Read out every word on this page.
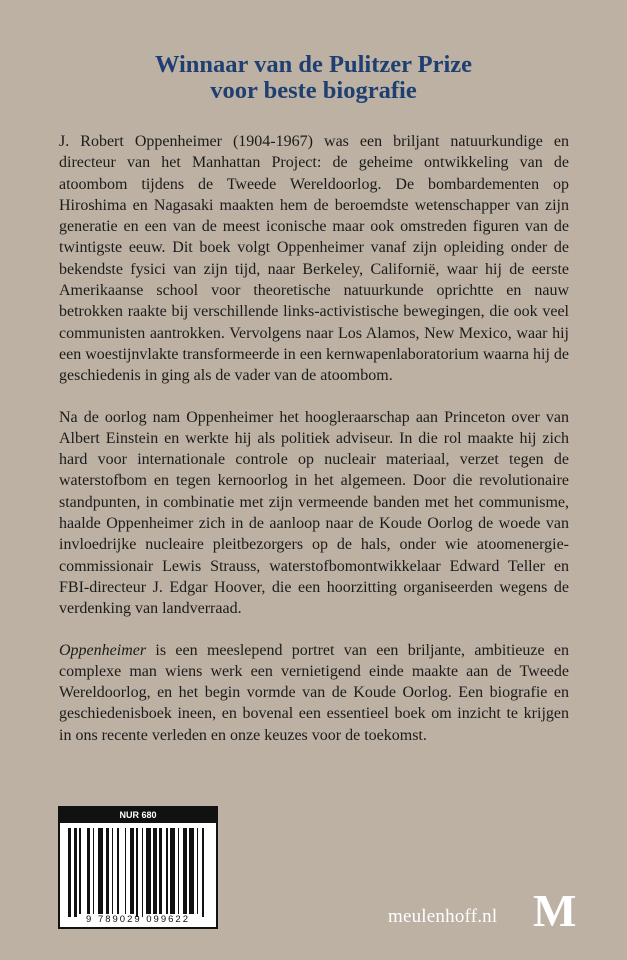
Winnaar van de Pulitzer Prize
voor beste biografie

J. Robert Oppenheimer (1904-1967) was een briljant natuurkundige en directeur van het Manhattan Project: de geheime ontwikkeling van de atoombom tijdens de Tweede Wereldoorlog. De bombardementen op Hiroshima en Nagasaki maakten hem de beroemdste wetenschapper van zijn generatie en een van de meest iconische maar ook omstreden figuren van de twintigste eeuw. Dit boek volgt Oppenheimer vanaf zijn opleiding onder de bekendste fysici van zijn tijd, naar Berkeley, Californië, waar hij de eerste Amerikaanse school voor theoretische natuurkunde oprichtte en nauw betrokken raakte bij verschillende links-activistische bewegingen, die ook veel communisten aantrokken. Vervolgens naar Los Alamos, New Mexico, waar hij een woestijnvlakte transformeerde in een kernwapenlaboratorium waarna hij de geschiedenis in ging als de vader van de atoombom.

Na de oorlog nam Oppenheimer het hoogleraarschap aan Princeton over van Albert Einstein en werkte hij als politiek adviseur. In die rol maakte hij zich hard voor internationale controle op nucleair materiaal, verzet tegen de waterstofbom en tegen kernoorlog in het algemeen. Door die revolutionaire standpunten, in combinatie met zijn vermeende banden met het communisme, haalde Oppenheimer zich in de aanloop naar de Koude Oorlog de woede van invloedrijke nucleaire pleitbezorgers op de hals, onder wie atoomenergie-commissionair Lewis Strauss, waterstofbomontwikkelaar Edward Teller en FBI-directeur J. Edgar Hoover, die een hoorzitting organiseerden wegens de verdenking van landverraad.

Oppenheimer is een meeslepend portret van een briljante, ambitieuze en complexe man wiens werk een vernietigend einde maakte aan de Tweede Wereldoorlog, en het begin vormde van de Koude Oorlog. Een biografie en geschiedenisboek ineen, en bovenal een essentieel boek om inzicht te krijgen in ons recente verleden en onze keuzes voor de toekomst.

NUR 680
9 789029 099622	meulenhoff.nl M
